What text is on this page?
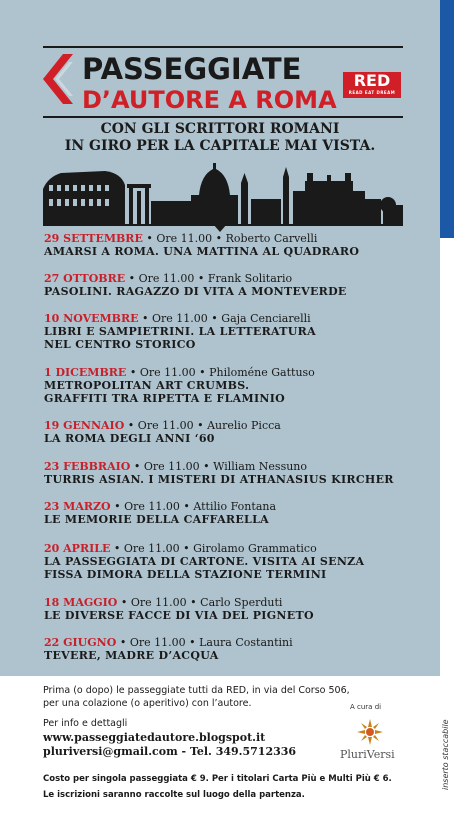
inserto staccabile
PASSEGGIATE
D’AUTORE A ROMA
RED
READ EAT DREAM
CON GLI SCRITTORI ROMANI
IN GIRO PER LA CAPITALE MAI VISTA.
29 SETTEMBRE • Ore 11.00 • Roberto Carvelli
AMARSI A ROMA. UNA MATTINA AL QUADRARO
27 OTTOBRE • Ore 11.00 • Frank Solitario
PASOLINI. RAGAZZO DI VITA A MONTEVERDE
10 NOVEMBRE • Ore 11.00 • Gaja Cenciarelli
LIBRI E SAMPIETRINI. LA LETTERATURA
NEL CENTRO STORICO
1 DICEMBRE • Ore 11.00 • Philoméne Gattuso
METROPOLITAN ART CRUMBS.
GRAFFITI TRA RIPETTA E FLAMINIO
19 GENNAIO • Ore 11.00 • Aurelio Picca
LA ROMA DEGLI ANNI ‘60
23 FEBBRAIO • Ore 11.00 • William Nessuno
TURRIS ASIAN. I MISTERI DI ATHANASIUS KIRCHER
23 MARZO • Ore 11.00 • Attilio Fontana
LE MEMORIE DELLA CAFFARELLA
20 APRILE • Ore 11.00 • Girolamo Grammatico
LA PASSEGGIATA DI CARTONE. VISITA AI SENZA
FISSA DIMORA DELLA STAZIONE TERMINI
18 MAGGIO • Ore 11.00 • Carlo Sperduti
LE DIVERSE FACCE DI VIA DEL PIGNETO
22 GIUGNO • Ore 11.00 • Laura Costantini
TEVERE, MADRE D’ACQUA
Prima (o dopo) le passeggiate tutti da RED, in via del Corso 506,
per una colazione (o aperitivo) con l’autore.
Per info e dettagli
www.passeggiatedautore.blogspot.it
pluriversi@gmail.com - Tel. 349.5712336
A cura di
PluriVersi
Costo per singola passeggiata € 9. Per i titolari Carta Più e Multi Più € 6.
Le iscrizioni saranno raccolte sul luogo della partenza.
